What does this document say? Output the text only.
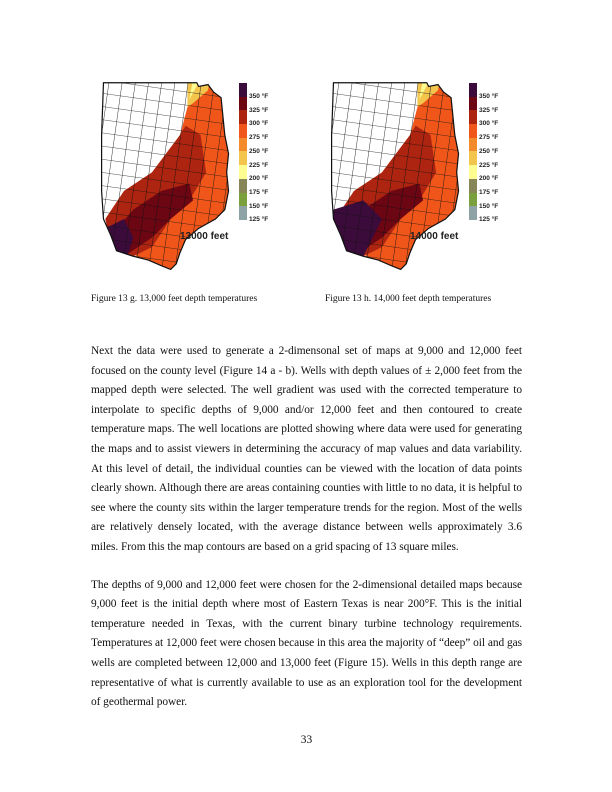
13000 feet
350 °F
325 °F
300 °F
275 °F
250 °F
225 °F
200 °F
175 °F
150 °F
125 °F
14000 feet
350 °F
325 °F
300 °F
275 °F
250 °F
225 °F
200 °F
175 °F
150 °F
125 °F
Figure 13 g. 13,000 feet depth temperatures	Figure 13 h. 14,000 feet depth temperatures

Next the data were used to generate a 2-dimensonal set of maps at 9,000 and 12,000 feet focused on the county level (Figure 14 a - b). Wells with depth values of ± 2,000 feet from the mapped depth were selected. The well gradient was used with the corrected temperature to interpolate to specific depths of 9,000 and/or 12,000 feet and then contoured to create temperature maps. The well locations are plotted showing where data were used for generating the maps and to assist viewers in determining the accuracy of map values and data variability. At this level of detail, the individual counties can be viewed with the location of data points clearly shown. Although there are areas containing counties with little to no data, it is helpful to see where the county sits within the larger temperature trends for the region. Most of the wells are relatively densely located, with the average distance between wells approximately 3.6 miles. From this the map contours are based on a grid spacing of 13 square miles.

The depths of 9,000 and 12,000 feet were chosen for the 2-dimensional detailed maps because 9,000 feet is the initial depth where most of Eastern Texas is near 200°F. This is the initial temperature needed in Texas, with the current binary turbine technology requirements. Temperatures at 12,000 feet were chosen because in this area the majority of “deep” oil and gas wells are completed between 12,000 and 13,000 feet (Figure 15). Wells in this depth range are representative of what is currently available to use as an exploration tool for the development of geothermal power.

33
